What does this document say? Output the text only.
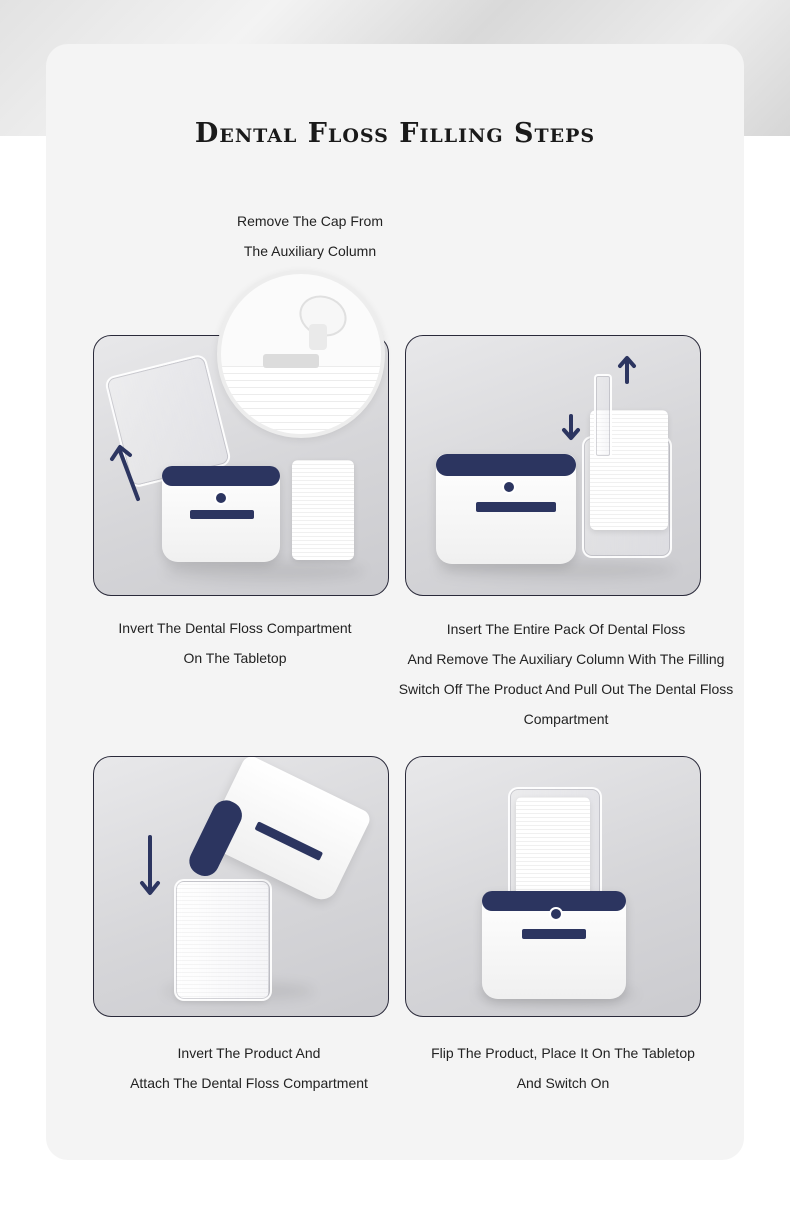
Dental Floss Filling Steps
Remove The Cap From
The Auxiliary Column
Invert The Dental Floss Compartment
On The Tabletop
Insert The Entire Pack Of Dental Floss
And Remove The Auxiliary Column With The Filling
Switch Off The Product And Pull Out The Dental Floss
Compartment
Invert The Product And
Attach The Dental Floss Compartment
Flip The Product, Place It On The Tabletop
And Switch On
